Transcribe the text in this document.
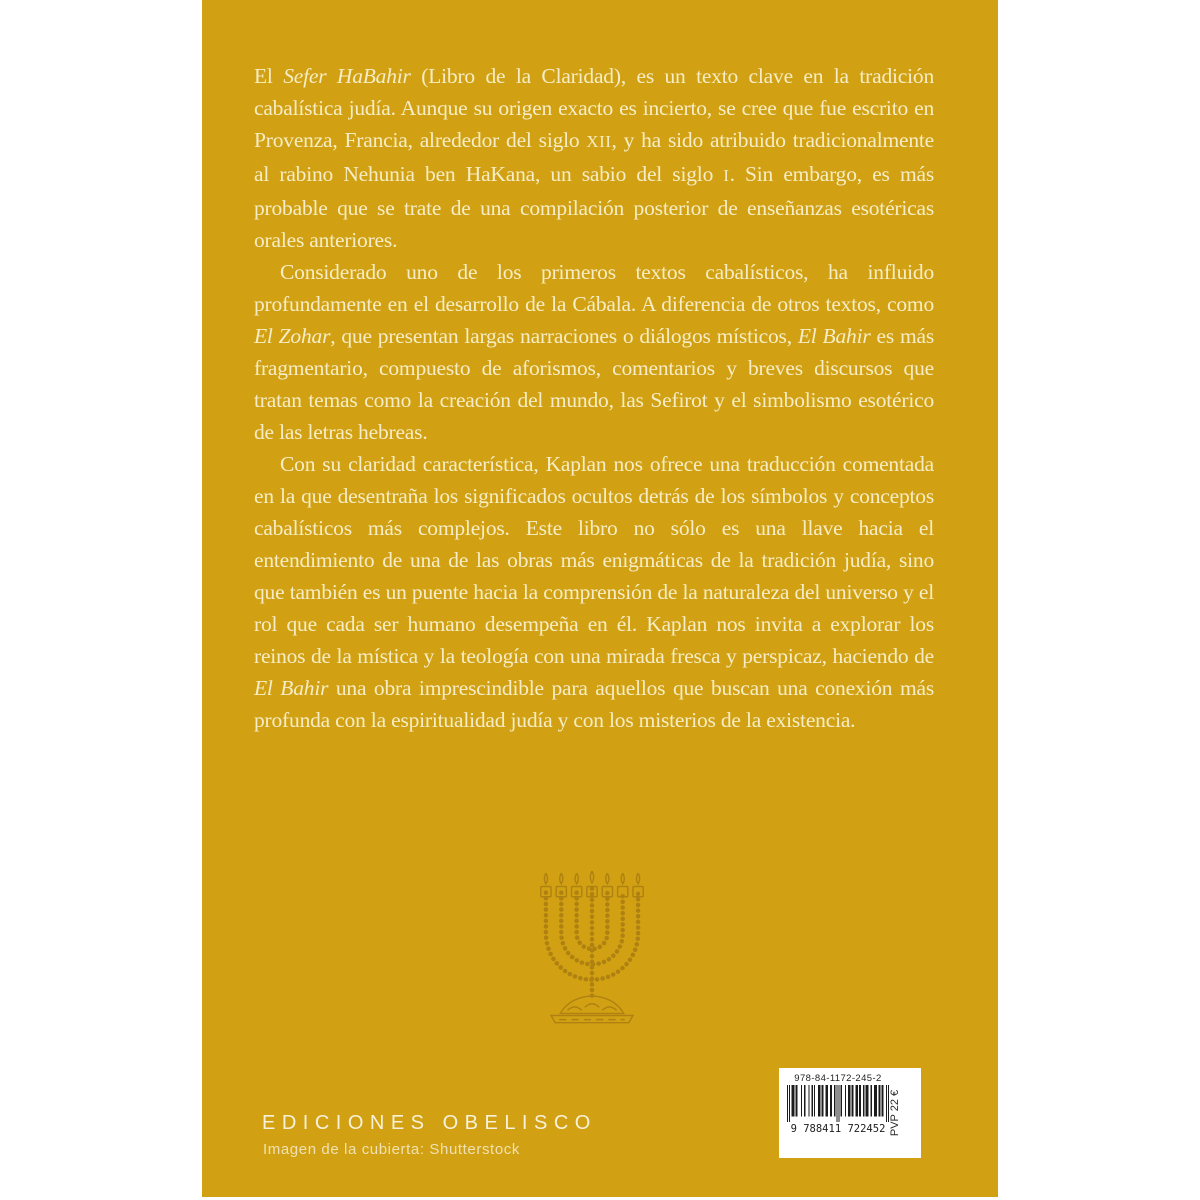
El Sefer HaBahir (Libro de la Claridad), es un texto clave en la tradición cabalística judía. Aunque su origen exacto es incierto, se cree que fue escrito en Provenza, Francia, alrededor del siglo XII, y ha sido atribuido tradicionalmente al rabino Nehunia ben HaKana, un sabio del siglo I. Sin embargo, es más probable que se trate de una compilación posterior de enseñanzas esotéricas orales anteriores.

Considerado uno de los primeros textos cabalísticos, ha influido profundamente en el desarrollo de la Cábala. A diferencia de otros textos, como El Zohar, que presentan largas narraciones o diálogos místicos, El Bahir es más fragmentario, compuesto de aforismos, comentarios y breves discursos que tratan temas como la creación del mundo, las Sefirot y el simbolismo esotérico de las letras hebreas.

Con su claridad característica, Kaplan nos ofrece una traducción comentada en la que desentraña los significados ocultos detrás de los símbolos y conceptos cabalísticos más complejos. Este libro no sólo es una llave hacia el entendimiento de una de las obras más enigmáticas de la tradición judía, sino que también es un puente hacia la comprensión de la naturaleza del universo y el rol que cada ser humano desempeña en él. Kaplan nos invita a explorar los reinos de la mística y la teología con una mirada fresca y perspicaz, haciendo de El Bahir una obra imprescindible para aquellos que buscan una conexión más profunda con la espiritualidad judía y con los misterios de la existencia.

EDICIONES OBELISCO
Imagen de la cubierta: Shutterstock
978-84-1172-245-2
9 788411 722452 PVP 22 €
